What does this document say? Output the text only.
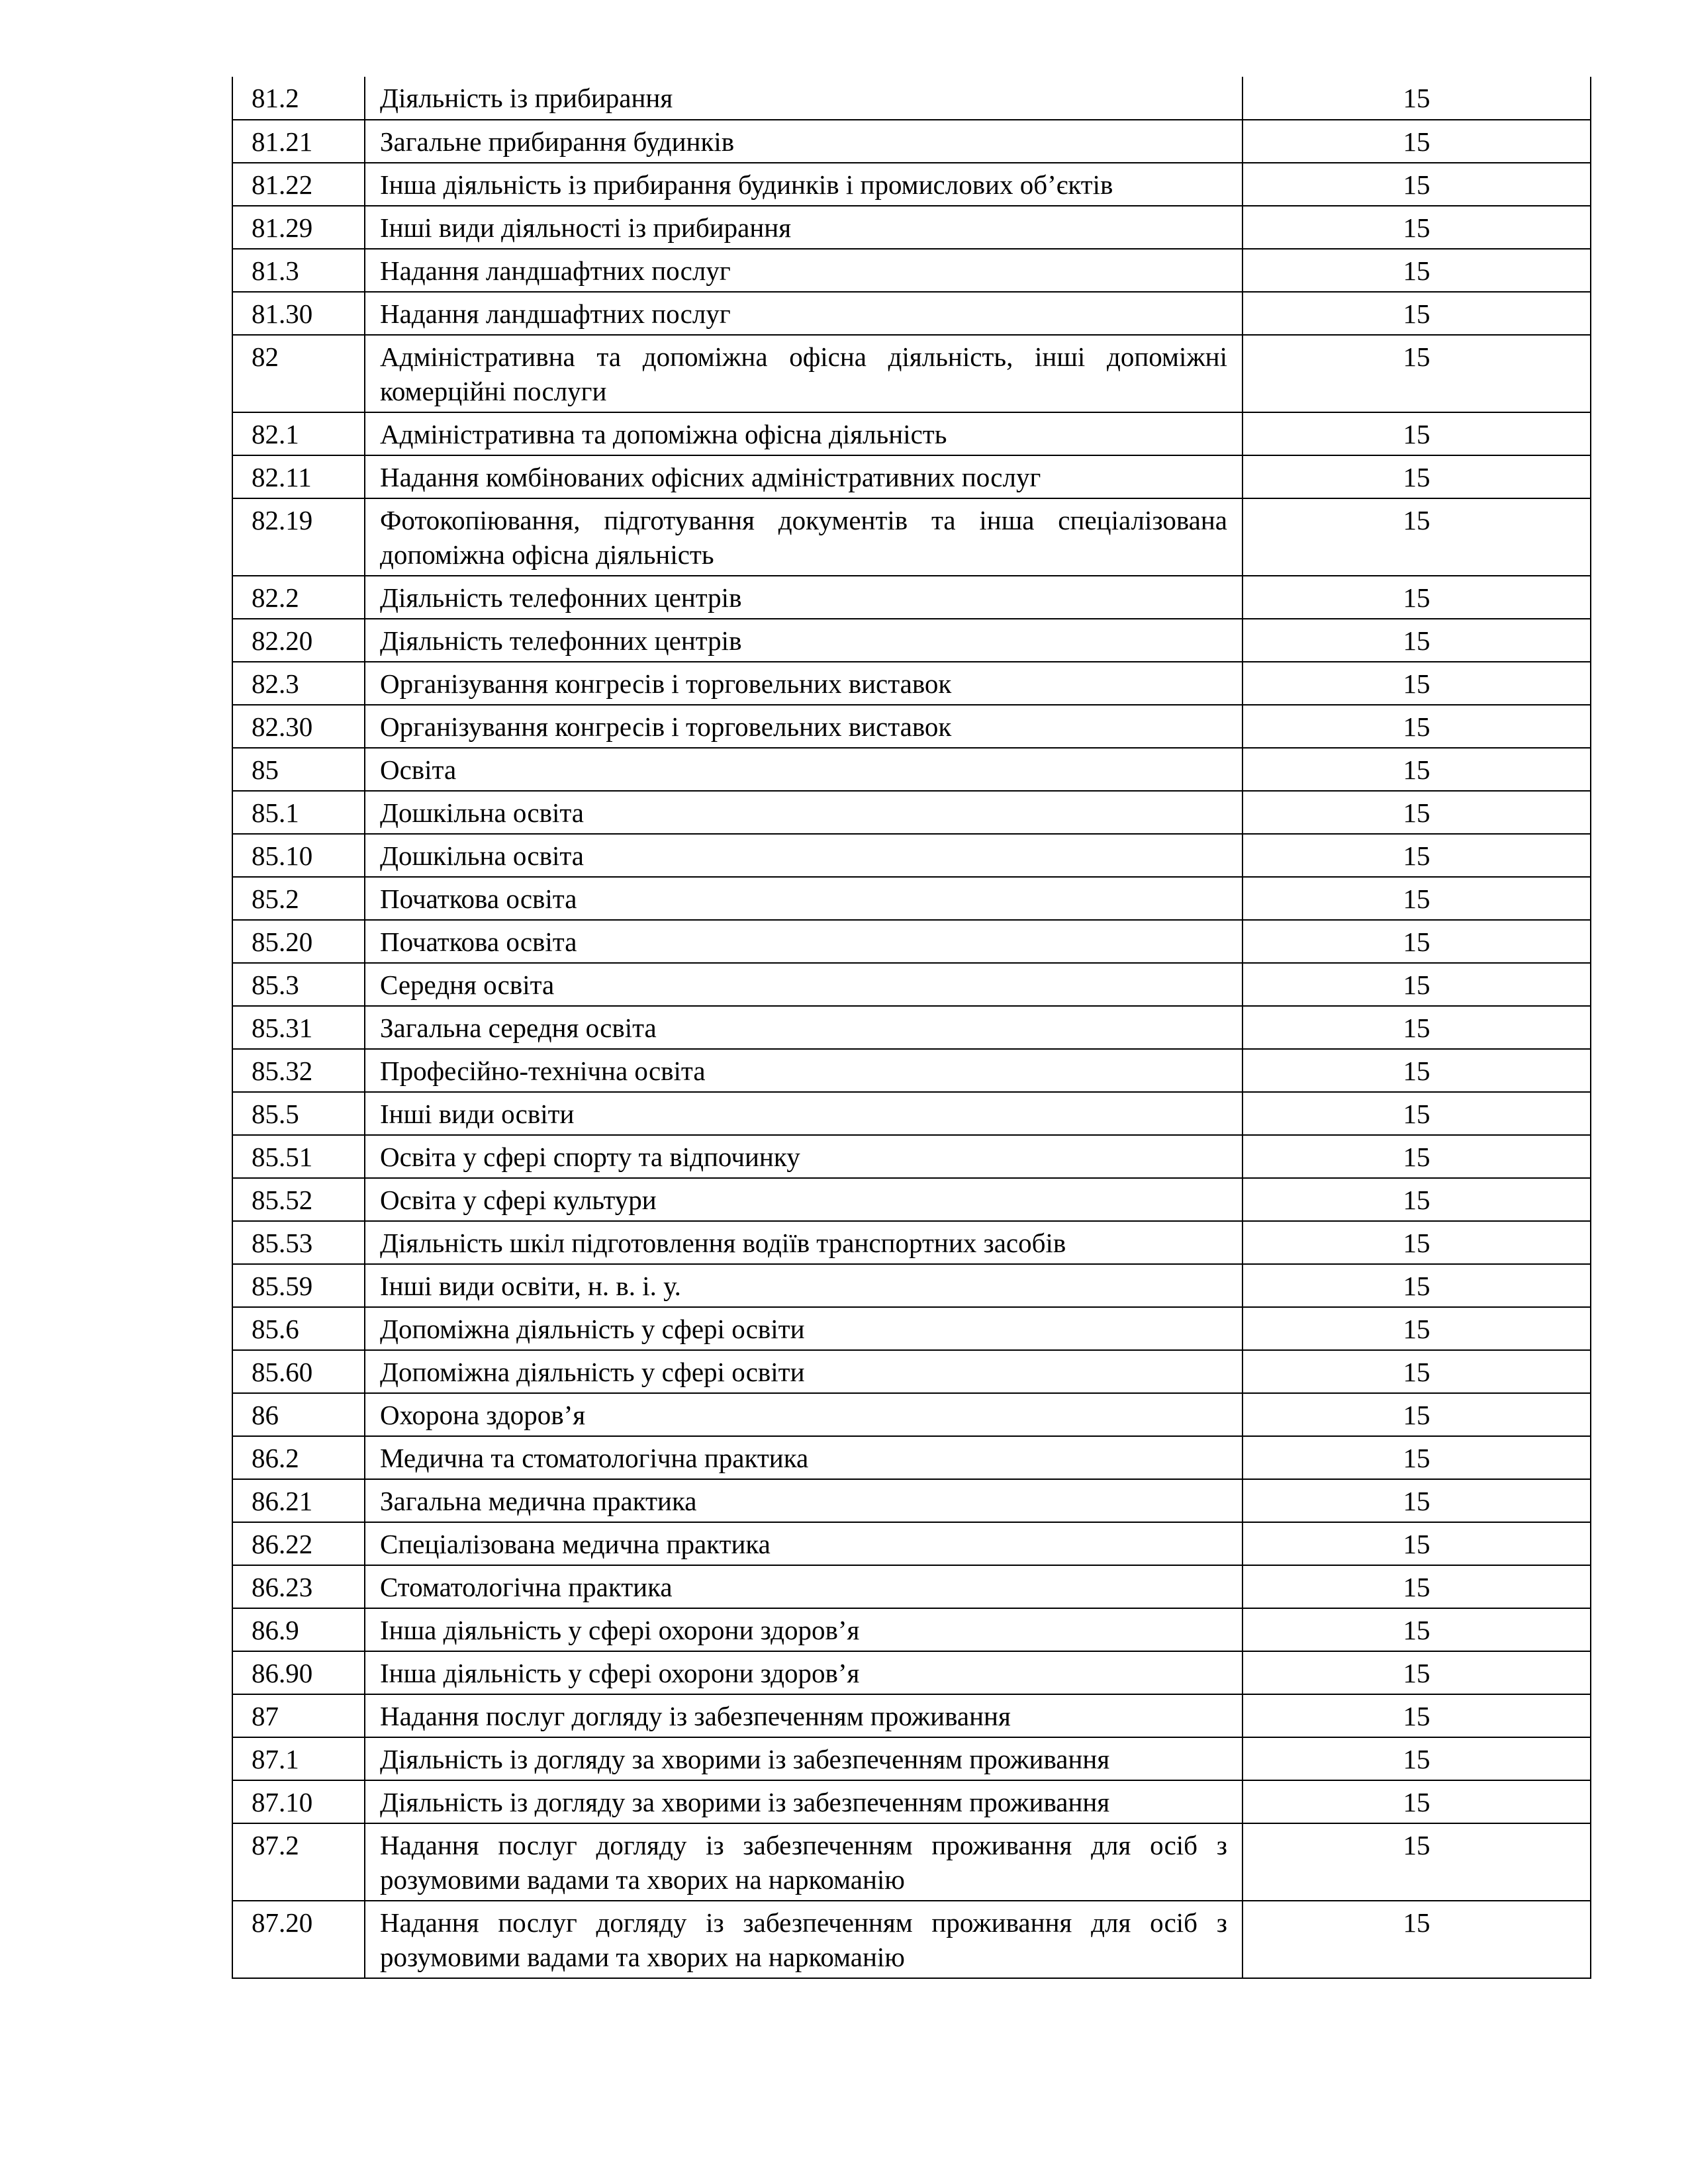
81.2	Діяльність із прибирання	15
81.21	Загальне прибирання будинків	15
81.22	Інша діяльність із прибирання будинків і промислових об’єктів	15
81.29	Інші види діяльності із прибирання	15
81.3	Надання ландшафтних послуг	15
81.30	Надання ландшафтних послуг	15
82	Адміністративна та допоміжна офісна діяльність, інші допоміжні комерційні послуги	15
82.1	Адміністративна та допоміжна офісна діяльність	15
82.11	Надання комбінованих офісних адміністративних послуг	15
82.19	Фотокопіювання, підготування документів та інша спеціалізована допоміжна офісна діяльність	15
82.2	Діяльність телефонних центрів	15
82.20	Діяльність телефонних центрів	15
82.3	Організування конгресів і торговельних виставок	15
82.30	Організування конгресів і торговельних виставок	15
85	Освіта	15
85.1	Дошкільна освіта	15
85.10	Дошкільна освіта	15
85.2	Початкова освіта	15
85.20	Початкова освіта	15
85.3	Середня освіта	15
85.31	Загальна середня освіта	15
85.32	Професійно-технічна освіта	15
85.5	Інші види освіти	15
85.51	Освіта у сфері спорту та відпочинку	15
85.52	Освіта у сфері культури	15
85.53	Діяльність шкіл підготовлення водіїв транспортних засобів	15
85.59	Інші види освіти, н. в. і. у.	15
85.6	Допоміжна діяльність у сфері освіти	15
85.60	Допоміжна діяльність у сфері освіти	15
86	Охорона здоров’я	15
86.2	Медична та стоматологічна практика	15
86.21	Загальна медична практика	15
86.22	Спеціалізована медична практика	15
86.23	Стоматологічна практика	15
86.9	Інша діяльність у сфері охорони здоров’я	15
86.90	Інша діяльність у сфері охорони здоров’я	15
87	Надання послуг догляду із забезпеченням проживання	15
87.1	Діяльність із догляду за хворими із забезпеченням проживання	15
87.10	Діяльність із догляду за хворими із забезпеченням проживання	15
87.2	Надання послуг догляду із забезпеченням проживання для осіб з розумовими вадами та хворих на наркоманію	15
87.20	Надання послуг догляду із забезпеченням проживання для осіб з розумовими вадами та хворих на наркоманію	15
